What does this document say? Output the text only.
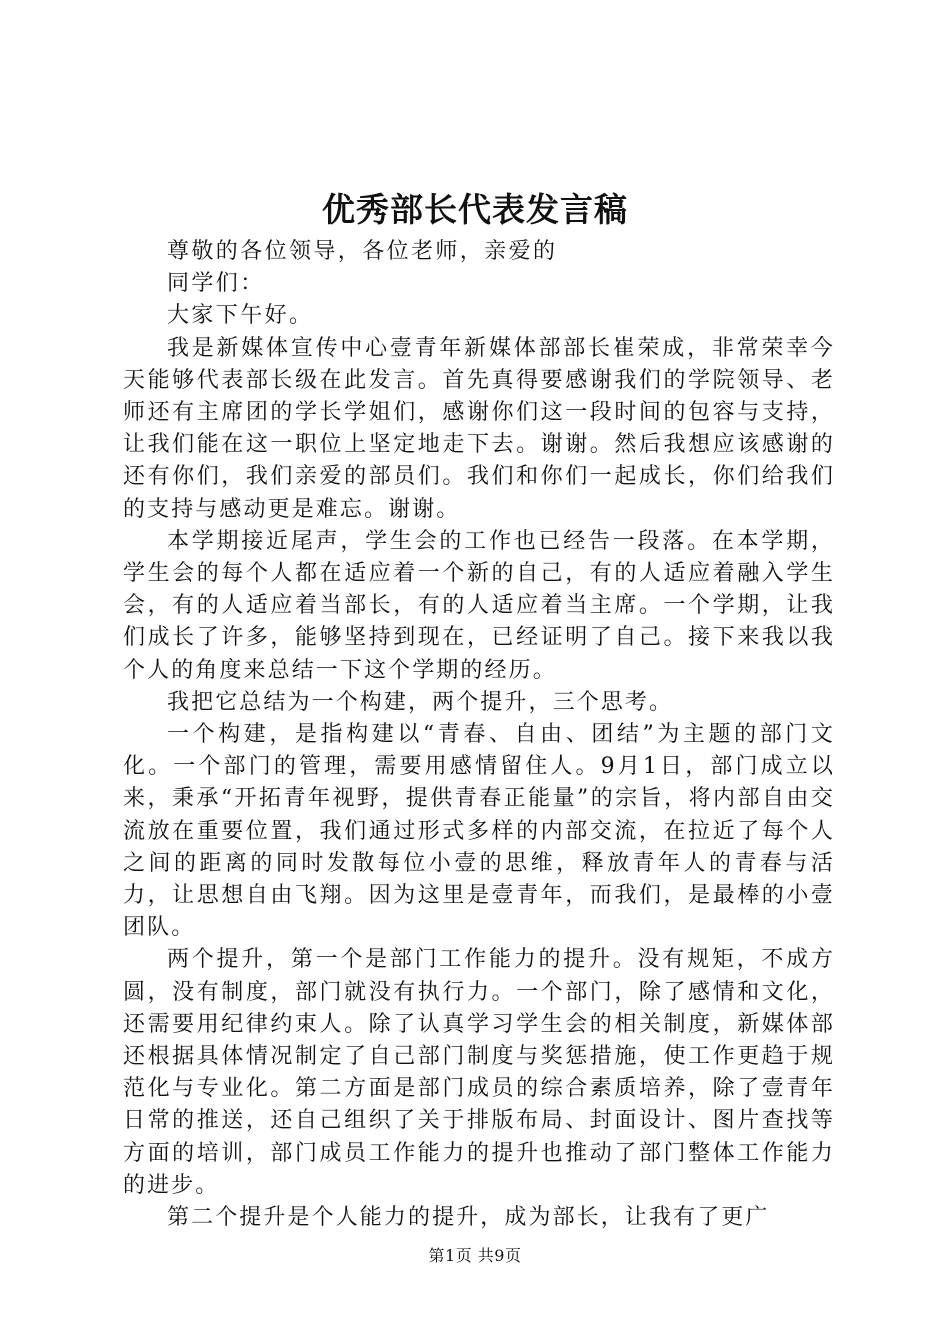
优秀部长代表发言稿

尊敬的各位领导，各位老师，亲爱的

同学们：

大家下午好。

我是新媒体宣传中心壹青年新媒体部部长崔荣成，非常荣幸今天能够代表部长级在此发言。首先真得要感谢我们的学院领导、老师还有主席团的学长学姐们，感谢你们这一段时间的包容与支持，让我们能在这一职位上坚定地走下去。谢谢。然后我想应该感谢的还有你们，我们亲爱的部员们。我们和你们一起成长，你们给我们的支持与感动更是难忘。谢谢。

本学期接近尾声，学生会的工作也已经告一段落。在本学期，学生会的每个人都在适应着一个新的自己，有的人适应着融入学生会，有的人适应着当部长，有的人适应着当主席。一个学期，让我们成长了许多，能够坚持到现在，已经证明了自己。接下来我以我个人的角度来总结一下这个学期的经历。

我把它总结为一个构建，两个提升，三个思考。

一个构建，是指构建以“青春、自由、团结”为主题的部门文化。一个部门的管理，需要用感情留住人。9月1日，部门成立以来，秉承“开拓青年视野，提供青春正能量”的宗旨，将内部自由交流放在重要位置，我们通过形式多样的内部交流，在拉近了每个人之间的距离的同时发散每位小壹的思维，释放青年人的青春与活力，让思想自由飞翔。因为这里是壹青年，而我们，是最棒的小壹团队。

两个提升，第一个是部门工作能力的提升。没有规矩，不成方圆，没有制度，部门就没有执行力。一个部门，除了感情和文化，还需要用纪律约束人。除了认真学习学生会的相关制度，新媒体部还根据具体情况制定了自己部门制度与奖惩措施，使工作更趋于规范化与专业化。第二方面是部门成员的综合素质培养，除了壹青年日常的推送，还自己组织了关于排版布局、封面设计、图片查找等方面的培训，部门成员工作能力的提升也推动了部门整体工作能力的进步。

第二个提升是个人能力的提升，成为部长，让我有了更广

第1页 共9页
